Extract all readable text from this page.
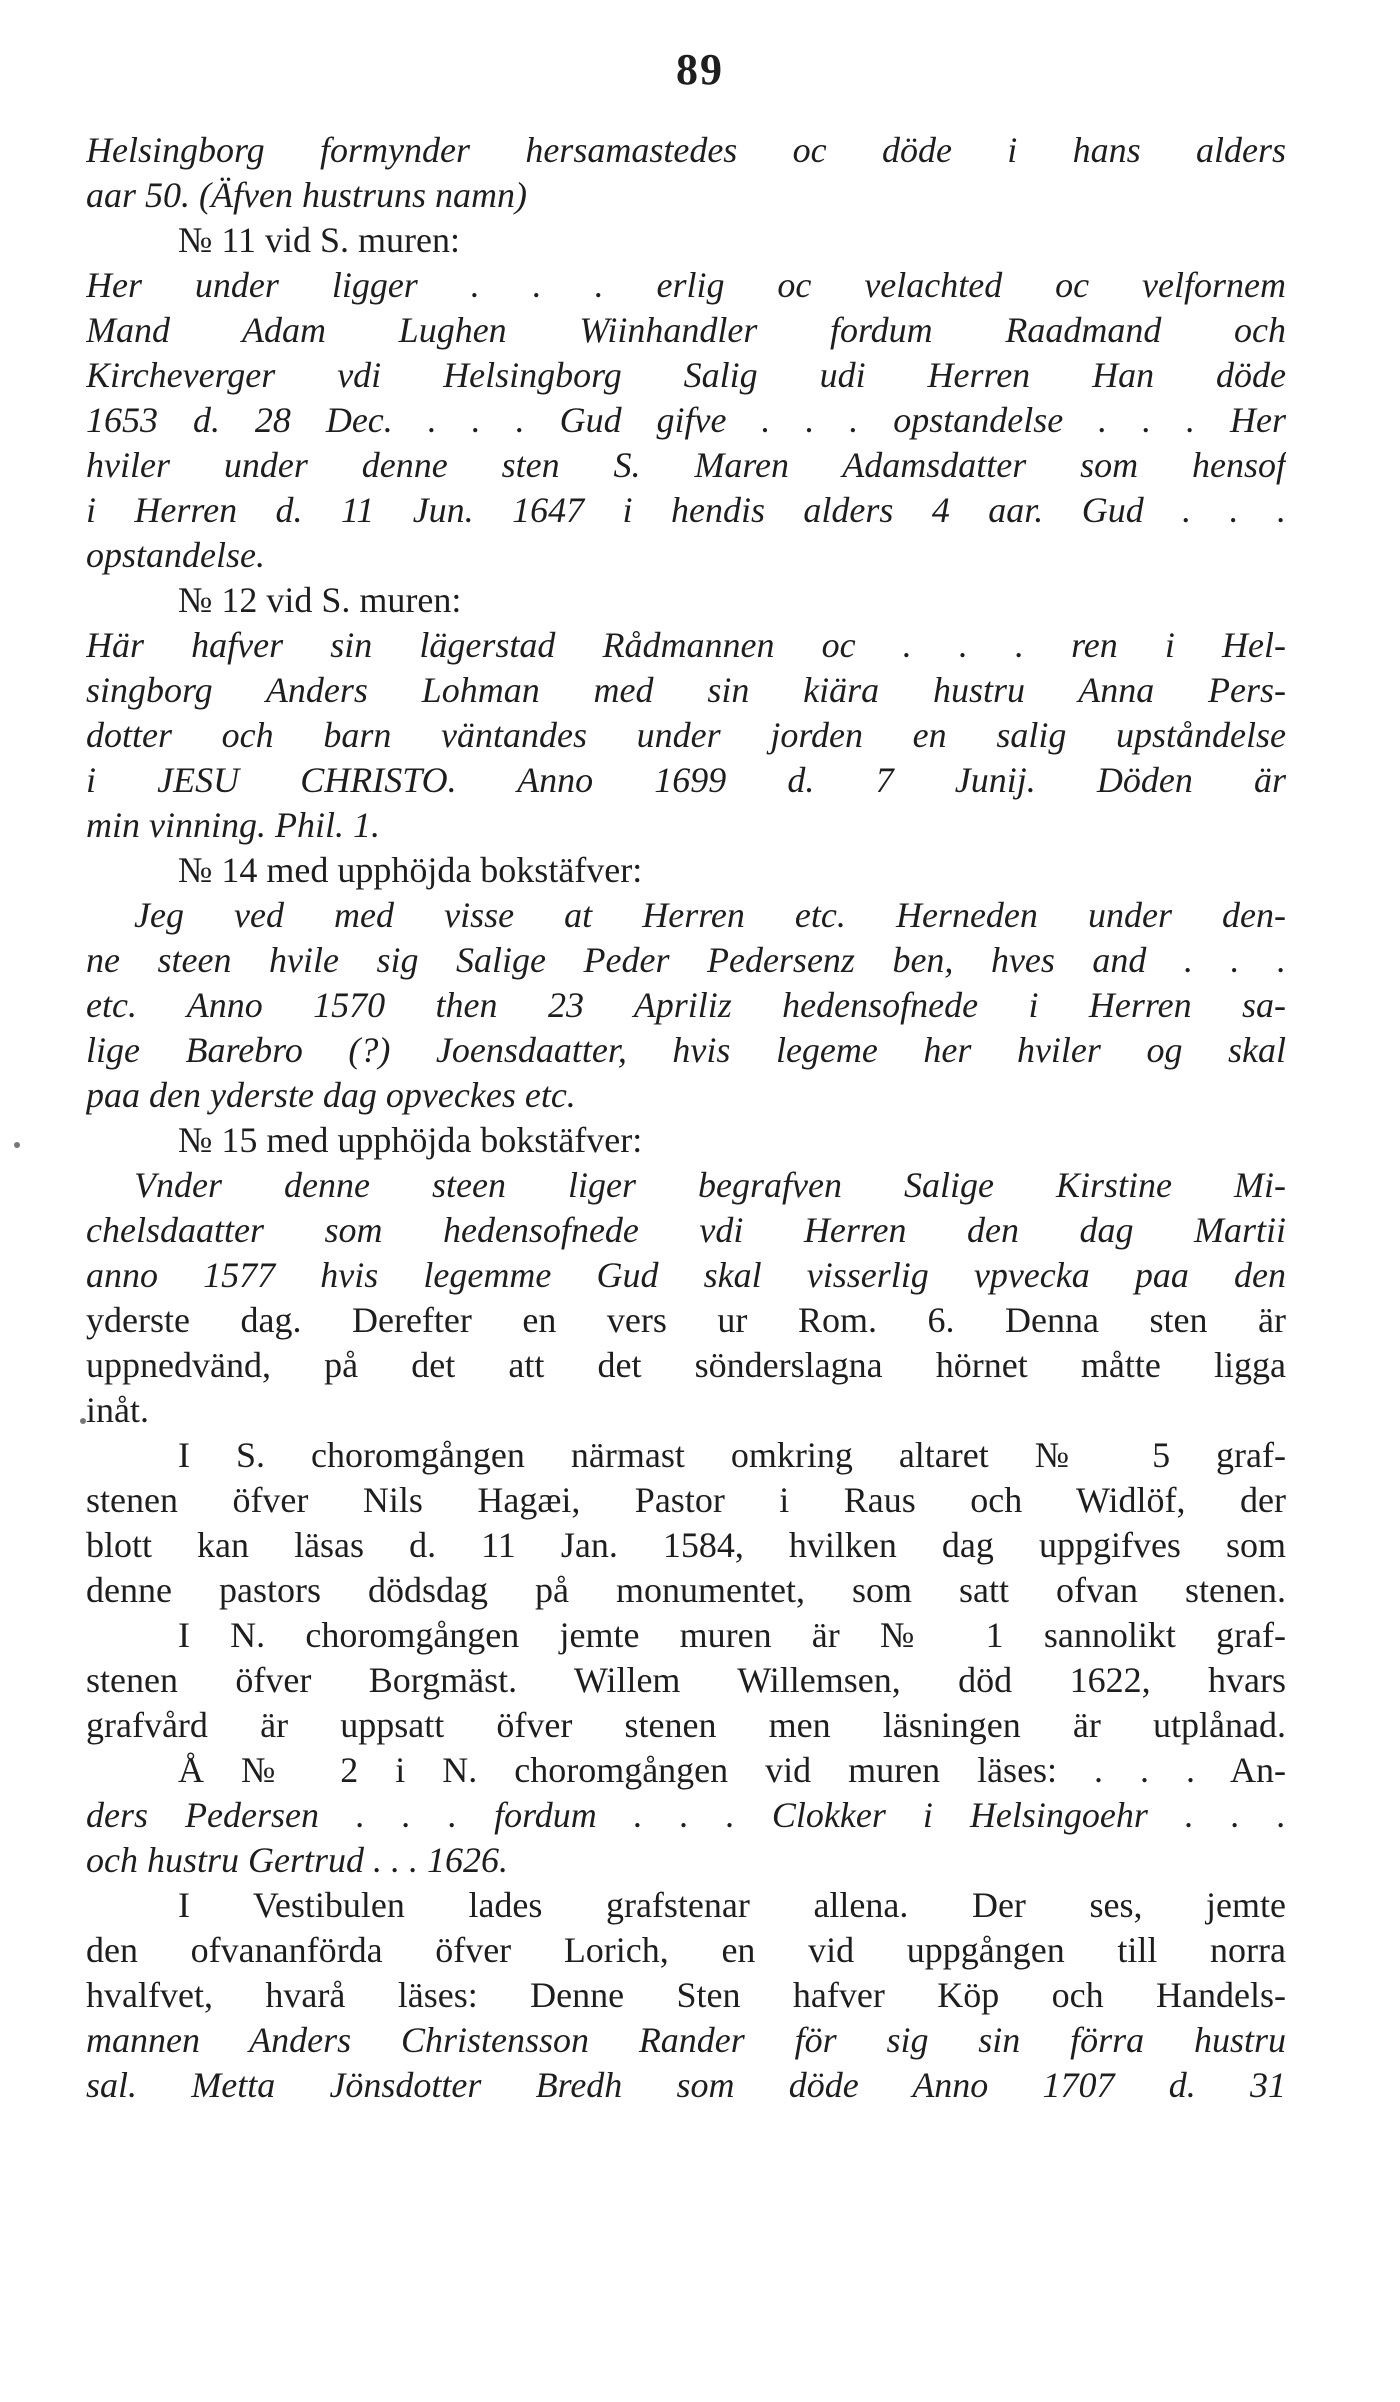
89
Helsingborg formynder hersamastedes oc döde i hans alders
aar 50. (Äfven hustruns namn)
№ 11 vid S. muren:
Her under ligger . . . erlig oc velachted oc velfornem
Mand Adam Lughen Wiinhandler fordum Raadmand och
Kircheverger vdi Helsingborg Salig udi Herren Han döde
1653 d. 28 Dec. . . . Gud gifve . . . opstandelse . . . Her
hviler under denne sten S. Maren Adamsdatter som hensof
i Herren d. 11 Jun. 1647 i hendis alders 4 aar. Gud . . .
opstandelse.
№ 12 vid S. muren:
Här hafver sin lägerstad Rådmannen oc . . . ren i Hel-
singborg Anders Lohman med sin kiära hustru Anna Pers-
dotter och barn väntandes under jorden en salig upståndelse
i JESU CHRISTO. Anno 1699 d. 7 Junij. Döden är
min vinning. Phil. 1.
№ 14 med upphöjda bokstäfver:
Jeg ved med visse at Herren etc. Herneden under den-
ne steen hvile sig Salige Peder Pedersenz ben, hves and . . .
etc. Anno 1570 then 23 Apriliz hedensofnede i Herren sa-
lige Barebro (?) Joensdaatter, hvis legeme her hviler og skal
paa den yderste dag opveckes etc.
№ 15 med upphöjda bokstäfver:
Vnder denne steen liger begrafven Salige Kirstine Mi-
chelsdaatter som hedensofnede vdi Herren den dag Martii
anno 1577 hvis legemme Gud skal visserlig vpvecka paa den
yderste dag. Derefter en vers ur Rom. 6. Denna sten är
uppnedvänd, på det att det sönderslagna hörnet måtte ligga
inåt.
I S. choromgången närmast omkring altaret № 5 graf-
stenen öfver Nils Hagæi, Pastor i Raus och Widlöf, der
blott kan läsas d. 11 Jan. 1584, hvilken dag uppgifves som
denne pastors dödsdag på monumentet, som satt ofvan stenen.
I N. choromgången jemte muren är № 1 sannolikt graf-
stenen öfver Borgmäst. Willem Willemsen, död 1622, hvars
grafvård är uppsatt öfver stenen men läsningen är utplånad.
Å № 2 i N. choromgången vid muren läses: . . . An-
ders Pedersen . . . fordum . . . Clokker i Helsingoehr . . .
och hustru Gertrud . . . 1626.
I Vestibulen lades grafstenar allena. Der ses, jemte
den ofvananförda öfver Lorich, en vid uppgången till norra
hvalfvet, hvarå läses: Denne Sten hafver Köp och Handels-
mannen Anders Christensson Rander för sig sin förra hustru
sal. Metta Jönsdotter Bredh som döde Anno 1707 d. 31
